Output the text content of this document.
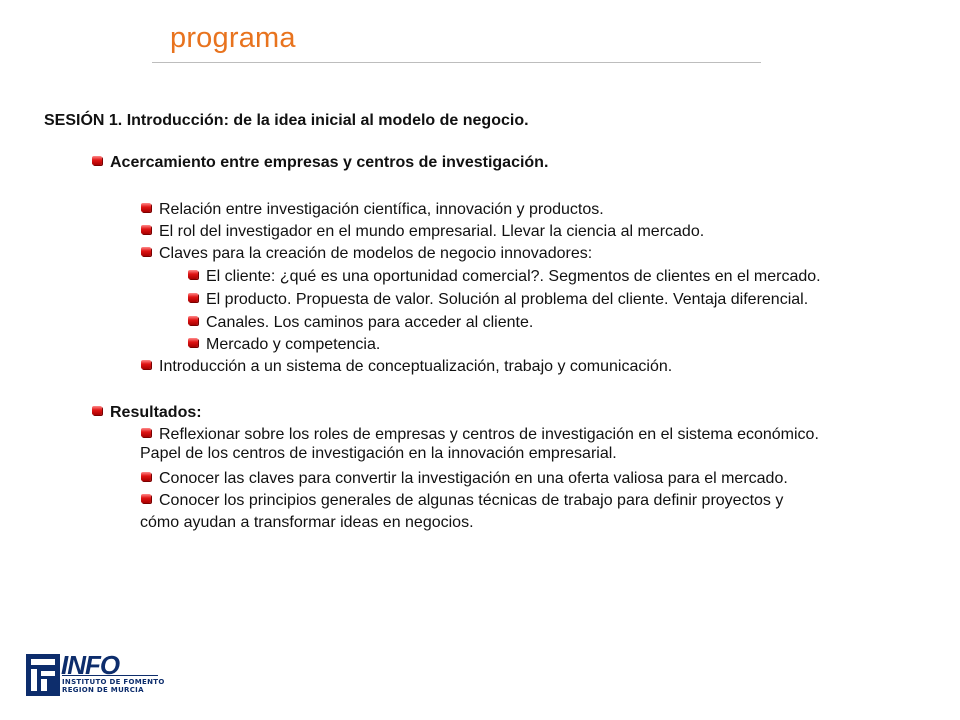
programa
SESIÓN 1. Introducción: de la idea inicial al modelo de negocio.
Acercamiento entre empresas y centros de investigación.
Relación entre investigación científica, innovación y productos.
El rol del investigador en el mundo empresarial. Llevar la ciencia al mercado.
Claves para la creación de modelos de negocio innovadores:
El cliente: ¿qué es una oportunidad comercial?. Segmentos de clientes en el mercado.
El producto. Propuesta de valor. Solución al problema del cliente. Ventaja diferencial.
Canales. Los caminos para acceder al cliente.
Mercado y competencia.
Introducción a un sistema de conceptualización, trabajo y comunicación.
Resultados:
Reflexionar sobre los roles de empresas y centros de investigación en el sistema económico.
Papel de los centros de investigación en la innovación empresarial.
Conocer las claves para convertir la investigación en una oferta valiosa para el mercado.
Conocer los principios generales de algunas técnicas de trabajo para definir proyectos y
cómo ayudan a transformar ideas en negocios.
INFO
INSTITUTO DE FOMENTO
REGION DE MURCIA
